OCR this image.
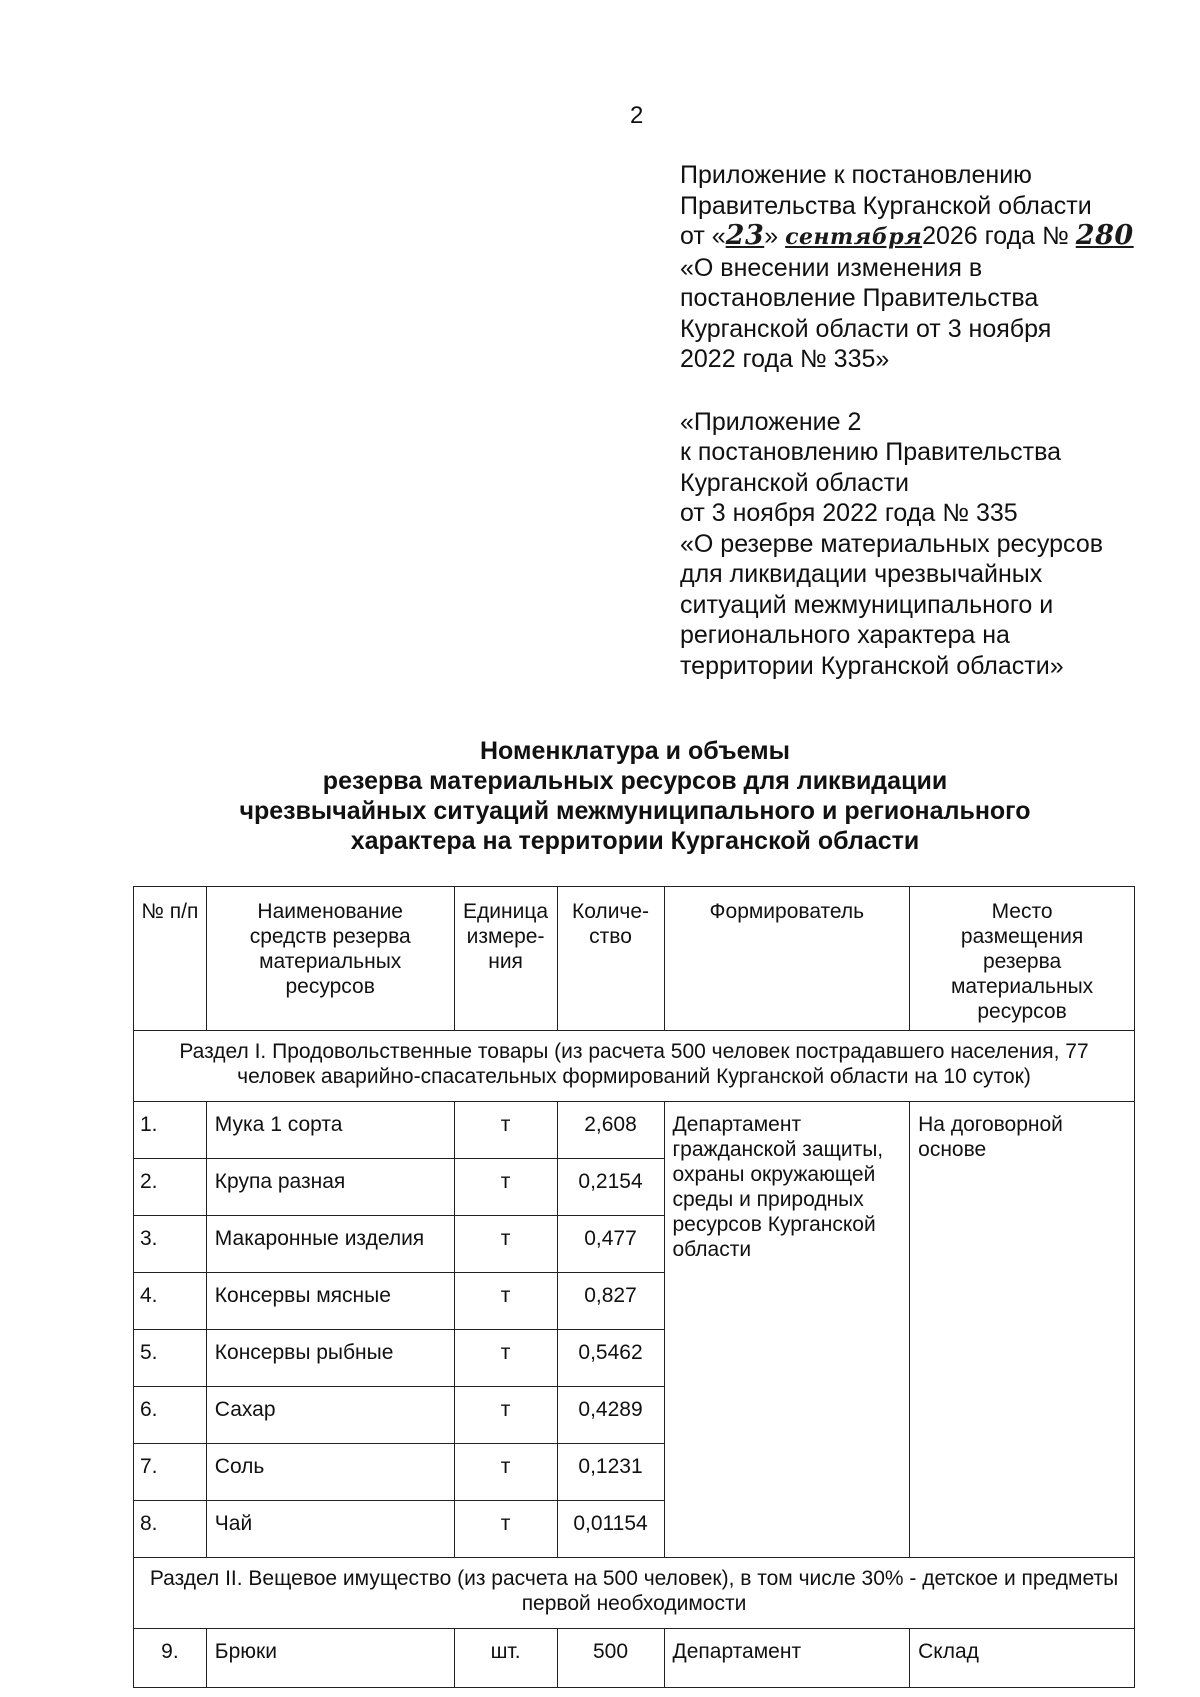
2
Приложение к постановлению
Правительства Курганской области
от «23» сентября2026 года № 280
«О внесении изменения в
постановление Правительства
Курганской области от 3 ноября
2022 года № 335»
«Приложение 2
к постановлению Правительства
Курганской области
от 3 ноября 2022 года № 335
«О резерве материальных ресурсов
для ликвидации чрезвычайных
ситуаций межмуниципального и
регионального характера на
территории Курганской области»
Номенклатура и объемы
резерва материальных ресурсов для ликвидации
чрезвычайных ситуаций межмуниципального и регионального
характера на территории Курганской области
№ п/п	Наименование средств резерва материальных ресурсов	Единица измере-ния	Количе-ство	Формирователь	Место размещения резерва материальных ресурсов
Раздел I. Продовольственные товары (из расчета 500 человек пострадавшего населения, 77 человек аварийно-спасательных формирований Курганской области на 10 суток)					
1.	Мука 1 сорта	т	2,608	Департамент гражданской защиты, охраны окружающей среды и природных ресурсов Курганской области	На договорной основе
2.	Крупа разная	т	0,2154		
3.	Макаронные изделия	т	0,477		
4.	Консервы мясные	т	0,827		
5.	Консервы рыбные	т	0,5462		
6.	Сахар	т	0,4289		
7.	Соль	т	0,1231		
8.	Чай	т	0,01154		
Раздел II. Вещевое имущество (из расчета на 500 человек), в том числе 30% - детское и предметы первой необходимости					
9.	Брюки	шт.	500	Департамент	Склад
